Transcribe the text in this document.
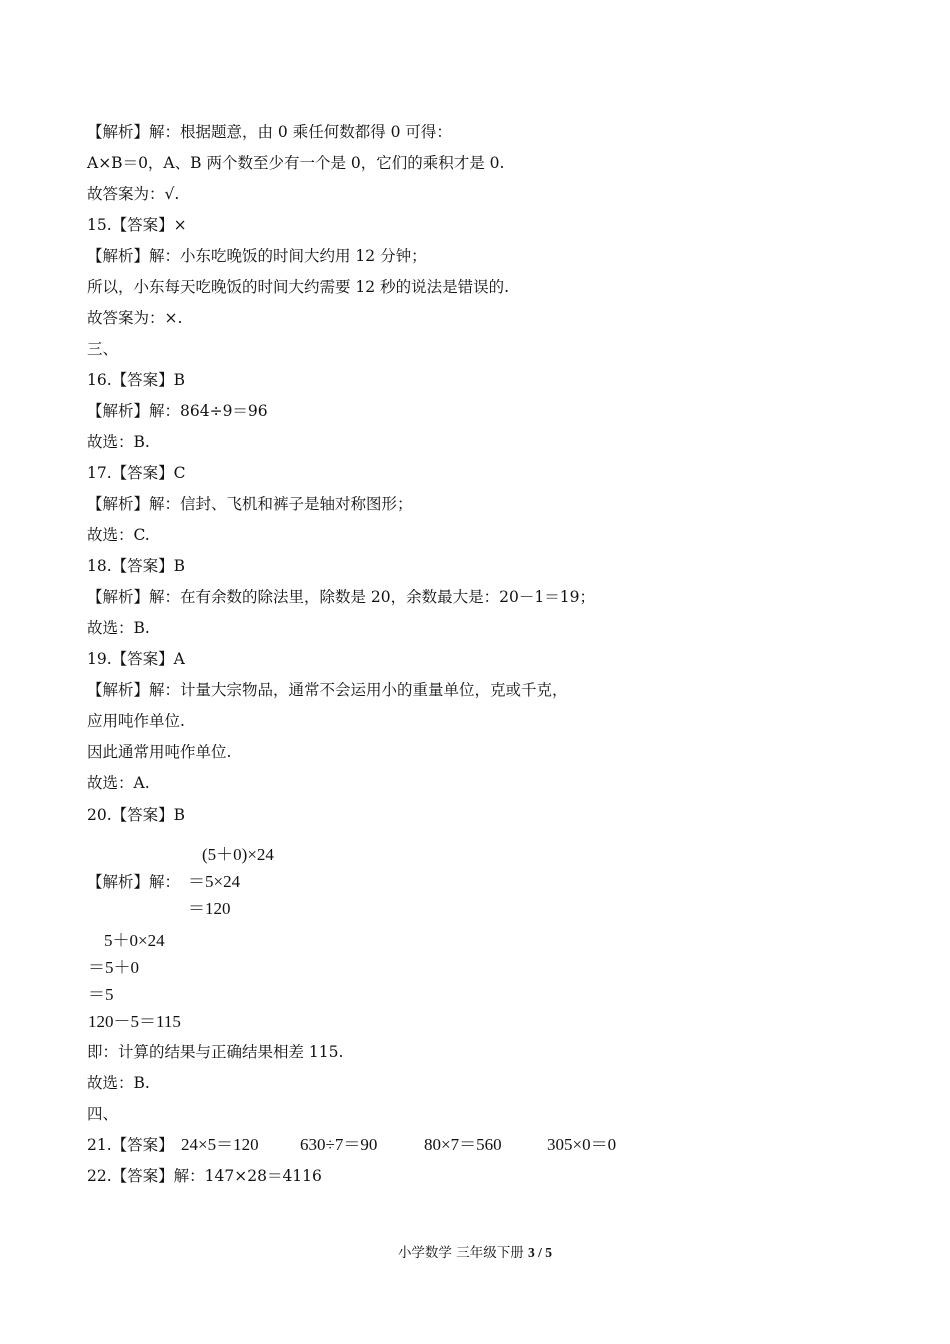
【解析】解：根据题意，由 0 乘任何数都得 0 可得：
A×B＝0，A、B 两个数至少有一个是 0，它们的乘积才是 0.
故答案为：√.
15.【答案】×
【解析】解：小东吃晚饭的时间大约用 12 分钟；
所以，小东每天吃晚饭的时间大约需要 12 秒的说法是错误的.
故答案为：×.
三、
16.【答案】B
【解析】解：864÷9＝96
故选：B.
17.【答案】C
【解析】解：信封、飞机和裤子是轴对称图形；
故选：C.
18.【答案】B
【解析】解：在有余数的除法里，除数是 20，余数最大是：20－1＝19；
故选：B.
19.【答案】A
【解析】解：计量大宗物品，通常不会运用小的重量单位，克或千克，
应用吨作单位.
因此通常用吨作单位.
故选：A.
20.【答案】B
【解析】解：
(5＋0)×24
＝5×24
＝120
5＋0×24
＝5＋0
＝5
120－5＝115
即：计算的结果与正确结果相差 115.
故选：B.
四、
21.【答案】 24×5＝120 630÷7＝90	80×7＝560	305×0＝0
22.【答案】解：147×28＝4116
小学数学 三年级下册 3 / 5
